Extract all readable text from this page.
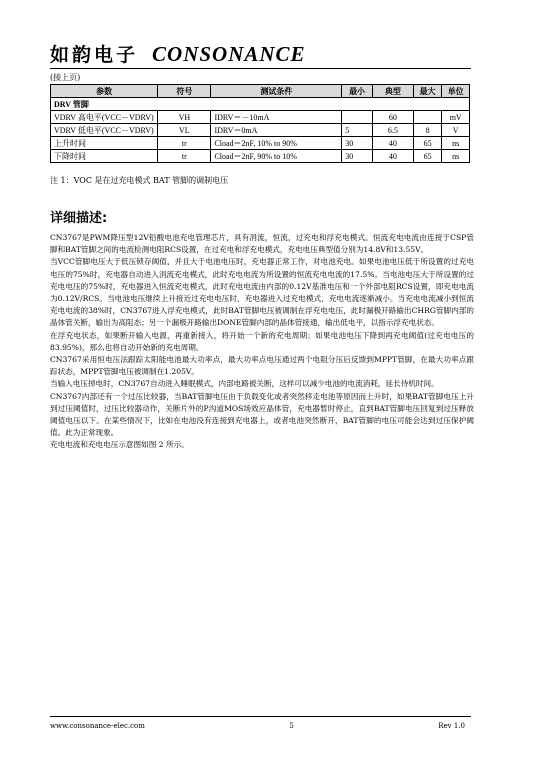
如韵电子 CONSONANCE
(接上页)
参数	符号	测试条件	最小	典型	最大	单位
DRV 管脚						
VDRV 高电平(VCC－VDRV)	VH	IDRV＝－10mA		60		mV
VDRV 低电平(VCC－VDRV)	VL	IDRV＝0mA	5	6.5	8	V
上升时间	tr	Cload＝2nF, 10% to 90%	30	40	65	ns
下降时间	tr	Cload＝2nF, 90% to 10%	30	40	65	ns
注 1：VOC 是在过充电模式 BAT 管脚的调制电压
详细描述:

CN3767是PWM降压型12V铅酸电池充电管理芯片，具有涓流，恒流，过充电和浮充电模式。恒流充电电流由连接于CSP管脚和BAT管脚之间的电流检测电阻RCS设置，在过充电和浮充电模式，充电电压典型值分别为14.8V和13.55V。

当VCC管脚电压大于低压锁存阈值，并且大于电池电压时，充电器正常工作，对电池充电。如果电池电压低于所设置的过充电电压的75%时，充电器自动进入涓流充电模式，此时充电电流为所设置的恒流充电电流的17.5%。当电池电压大于所设置的过充电电压的75%时，充电器进入恒流充电模式，此时充电电流由内部的0.12V基准电压和一个外部电阻RCS设置，即充电电流为0.12V/RCS。当电池电压继续上升接近过充电电压时，充电器进入过充电模式，充电电流逐渐减小。当充电电流减小到恒流充电电流的38%时，CN3767进入浮充电模式，此时BAT管脚电压被调制在浮充电电压，此时漏极开路输出CHRG管脚内部的晶体管关断，输出为高阻态；另一个漏极开路输出DONE管脚内部的晶体管接通，输出低电平，以指示浮充电状态。

在浮充电状态，如果断开输入电源，再重新接入，将开始一个新的充电周期；如果电池电压下降到再充电阈值(过充电电压的83.95%)，那么也将自动开始新的充电周期。

CN3767采用恒电压法跟踪太阳能电池最大功率点，最大功率点电压通过两个电阻分压后反馈到MPPT管脚，在最大功率点跟踪状态，MPPT管脚电压被调制在1.205V。

当输入电压掉电时，CN3767自动进入睡眠模式，内部电路被关断，这样可以减少电池的电流消耗，延长待机时间。

CN3767内部还有一个过压比较器，当BAT管脚电压由于负载变化或者突然移走电池等原因而上升时，如果BAT管脚电压上升到过压阈值时，过压比较器动作，关断片外的P沟道MOS场效应晶体管，充电器暂时停止，直到BAT管脚电压回复到过压释放阈值电压以下。在某些情况下，比如在电池没有连接到充电器上，或者电池突然断开，BAT管脚的电压可能会达到过压保护阈值。此为正常现象。

充电电流和充电电压示意图如图 2 所示。

www.consonance-elec.com	5	Rev 1.0
